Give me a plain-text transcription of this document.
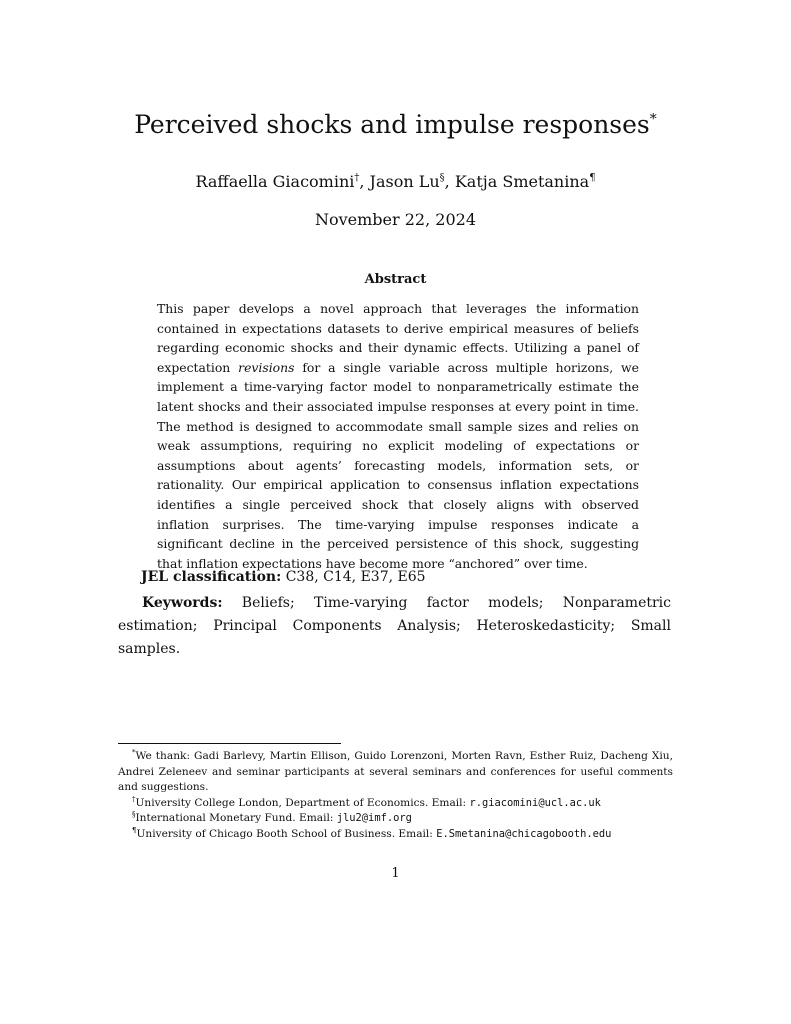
Perceived shocks and impulse responses*
Raffaella Giacomini†, Jason Lu§, Katja Smetanina¶
November 22, 2024
Abstract

This paper develops a novel approach that leverages the information contained in expectations datasets to derive empirical measures of beliefs regarding economic shocks and their dynamic effects. Utilizing a panel of expectation revisions for a single variable across multiple horizons, we implement a time-varying factor model to nonparametrically estimate the latent shocks and their associated impulse responses at every point in time. The method is designed to accommodate small sample sizes and relies on weak assumptions, requiring no explicit modeling of expectations or assumptions about agents’ forecasting models, information sets, or rationality. Our empirical application to consensus inflation expectations identifies a single perceived shock that closely aligns with observed inflation surprises. The time-varying impulse responses indicate a significant decline in the perceived persistence of this shock, suggesting that inflation expectations have become more “anchored” over time.

JEL classification: C38, C14, E37, E65

Keywords: Beliefs; Time-varying factor models; Nonparametric estimation; Principal Components Analysis; Heteroskedasticity; Small samples.

*We thank: Gadi Barlevy, Martin Ellison, Guido Lorenzoni, Morten Ravn, Esther Ruiz, Dacheng Xiu, Andrei Zeleneev and seminar participants at several seminars and conferences for useful comments and suggestions.

†University College London, Department of Economics. Email: r.giacomini@ucl.ac.uk

§International Monetary Fund. Email: jlu2@imf.org

¶University of Chicago Booth School of Business. Email: E.Smetanina@chicagobooth.edu

1
